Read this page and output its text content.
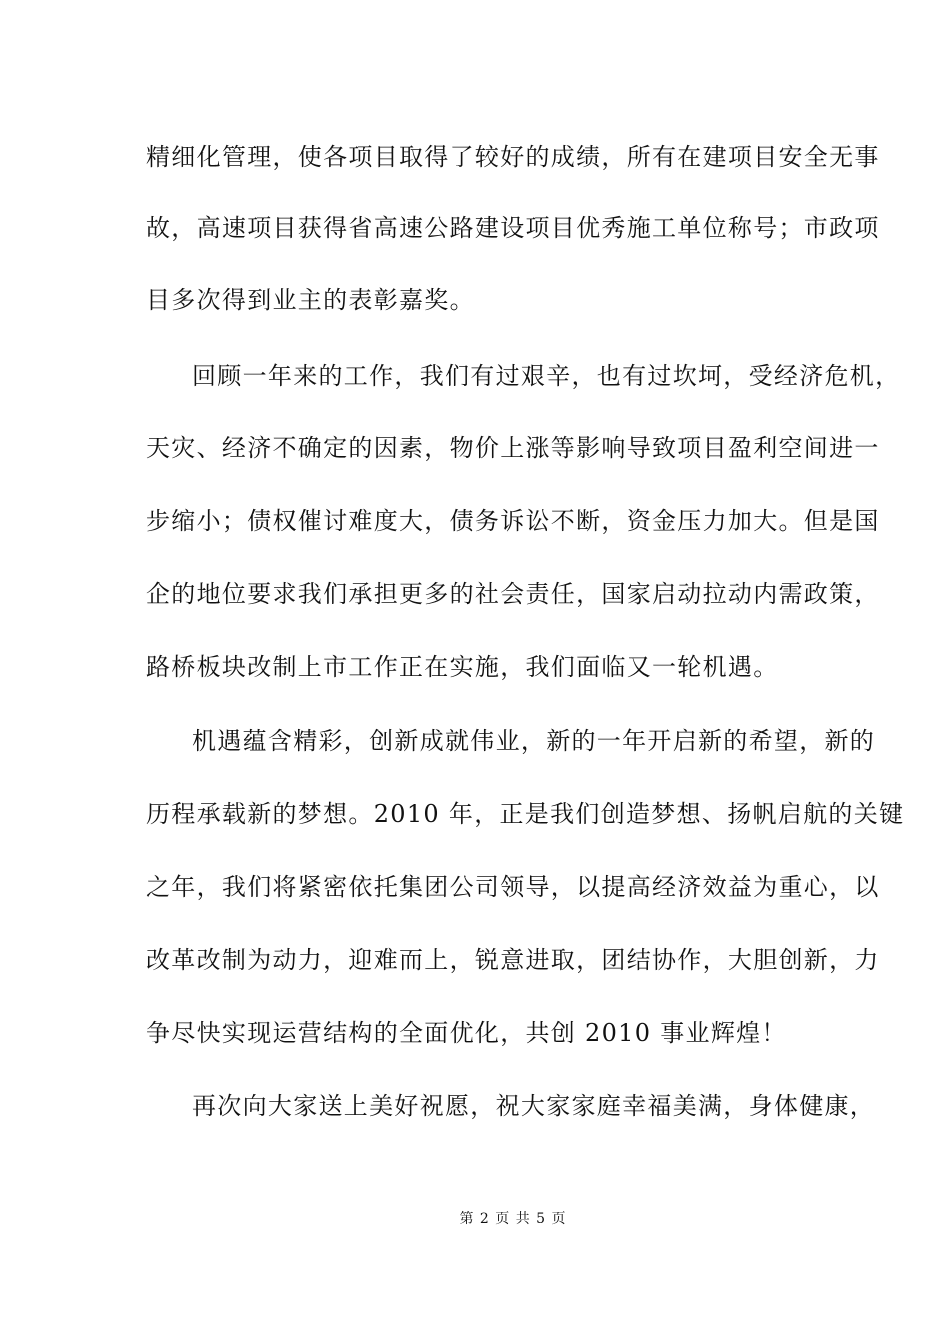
精细化管理，使各项目取得了较好的成绩，所有在建项目安全无事
故，高速项目获得省高速公路建设项目优秀施工单位称号；市政项
目多次得到业主的表彰嘉奖。
回顾一年来的工作，我们有过艰辛，也有过坎坷，受经济危机，
天灾、经济不确定的因素，物价上涨等影响导致项目盈利空间进一
步缩小；债权催讨难度大，债务诉讼不断，资金压力加大。但是国
企的地位要求我们承担更多的社会责任，国家启动拉动内需政策，
路桥板块改制上市工作正在实施，我们面临又一轮机遇。
机遇蕴含精彩，创新成就伟业，新的一年开启新的希望，新的
历程承载新的梦想。2010 年，正是我们创造梦想、扬帆启航的关键
之年，我们将紧密依托集团公司领导，以提高经济效益为重心，以
改革改制为动力，迎难而上，锐意进取，团结协作，大胆创新，力
争尽快实现运营结构的全面优化，共创 2010 事业辉煌！
再次向大家送上美好祝愿，祝大家家庭幸福美满，身体健康，
第 2 页 共 5 页
